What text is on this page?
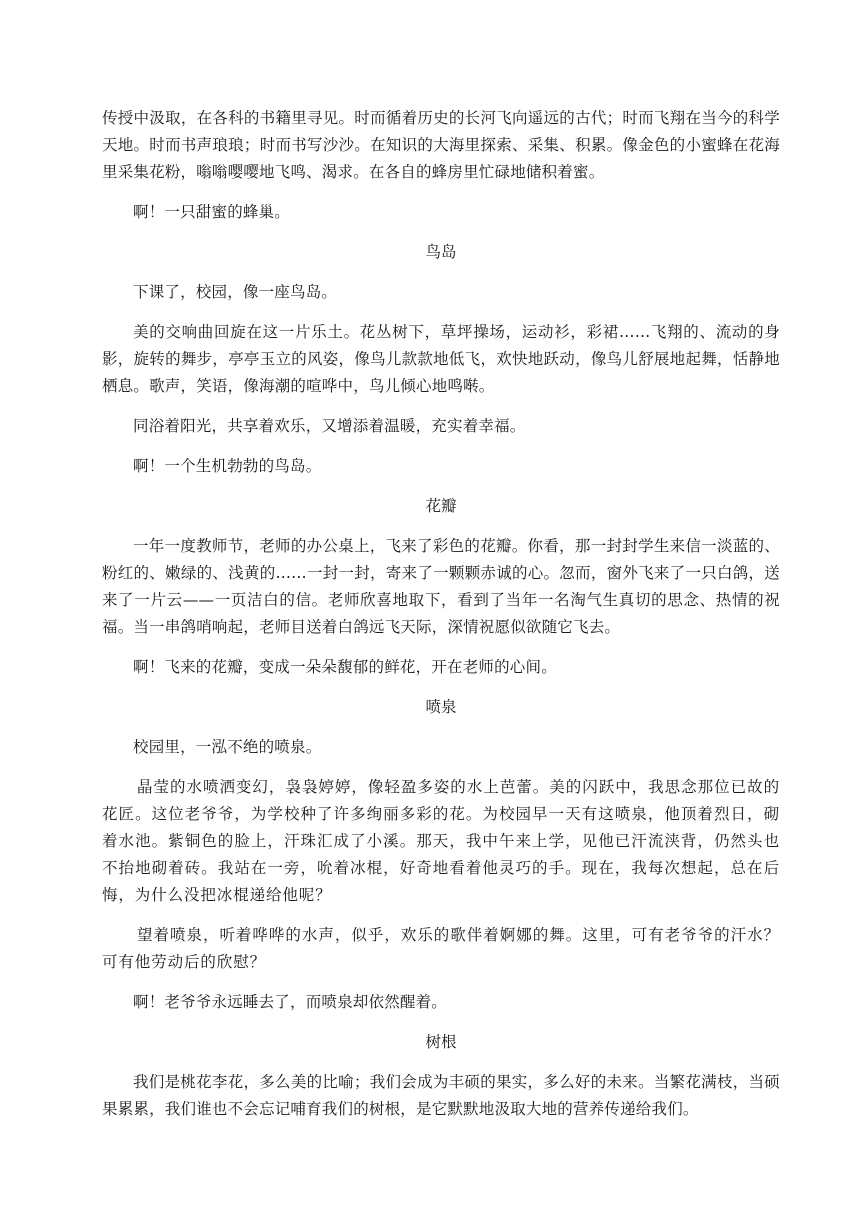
传授中汲取，在各科的书籍里寻见。时而循着历史的长河飞向遥远的古代；时而飞翔在当今的科学天地。时而书声琅琅；时而书写沙沙。在知识的大海里探索、采集、积累。像金色的小蜜蜂在花海里采集花粉，嗡嗡嘤嘤地飞鸣、渴求。在各自的蜂房里忙碌地储积着蜜。

啊！一只甜蜜的蜂巢。

鸟岛

下课了，校园，像一座鸟岛。

美的交响曲回旋在这一片乐土。花丛树下，草坪操场，运动衫，彩裙……飞翔的、流动的身影，旋转的舞步，亭亭玉立的风姿，像鸟儿款款地低飞，欢快地跃动，像鸟儿舒展地起舞，恬静地栖息。歌声，笑语，像海潮的喧哗中，鸟儿倾心地鸣啭。

同浴着阳光，共享着欢乐，又增添着温暖，充实着幸福。

啊！一个生机勃勃的鸟岛。

花瓣

一年一度教师节，老师的办公桌上，飞来了彩色的花瓣。你看，那一封封学生来信一淡蓝的、粉红的、嫩绿的、浅黄的……一封一封，寄来了一颗颗赤诚的心。忽而，窗外飞来了一只白鸽，送来了一片云——一页洁白的信。老师欣喜地取下，看到了当年一名淘气生真切的思念、热情的祝福。当一串鸽哨响起，老师目送着白鸽远飞天际，深情祝愿似欲随它飞去。

啊！飞来的花瓣，变成一朵朵馥郁的鲜花，开在老师的心间。

喷泉

校园里，一泓不绝的喷泉。

晶莹的水喷洒变幻，袅袅婷婷，像轻盈多姿的水上芭蕾。美的闪跃中，我思念那位已故的花匠。这位老爷爷，为学校种了许多绚丽多彩的花。为校园早一天有这喷泉，他顶着烈日，砌着水池。紫铜色的脸上，汗珠汇成了小溪。那天，我中午来上学，见他已汗流浃背，仍然头也不抬地砌着砖。我站在一旁，吮着冰棍，好奇地看着他灵巧的手。现在，我每次想起，总在后悔，为什么没把冰棍递给他呢？

望着喷泉，听着哗哗的水声，似乎，欢乐的歌伴着婀娜的舞。这里，可有老爷爷的汗水？可有他劳动后的欣慰？

啊！老爷爷永远睡去了，而喷泉却依然醒着。

树根

我们是桃花李花，多么美的比喻；我们会成为丰硕的果实，多么好的未来。当繁花满枝，当硕果累累，我们谁也不会忘记哺育我们的树根，是它默默地汲取大地的营养传递给我们。
